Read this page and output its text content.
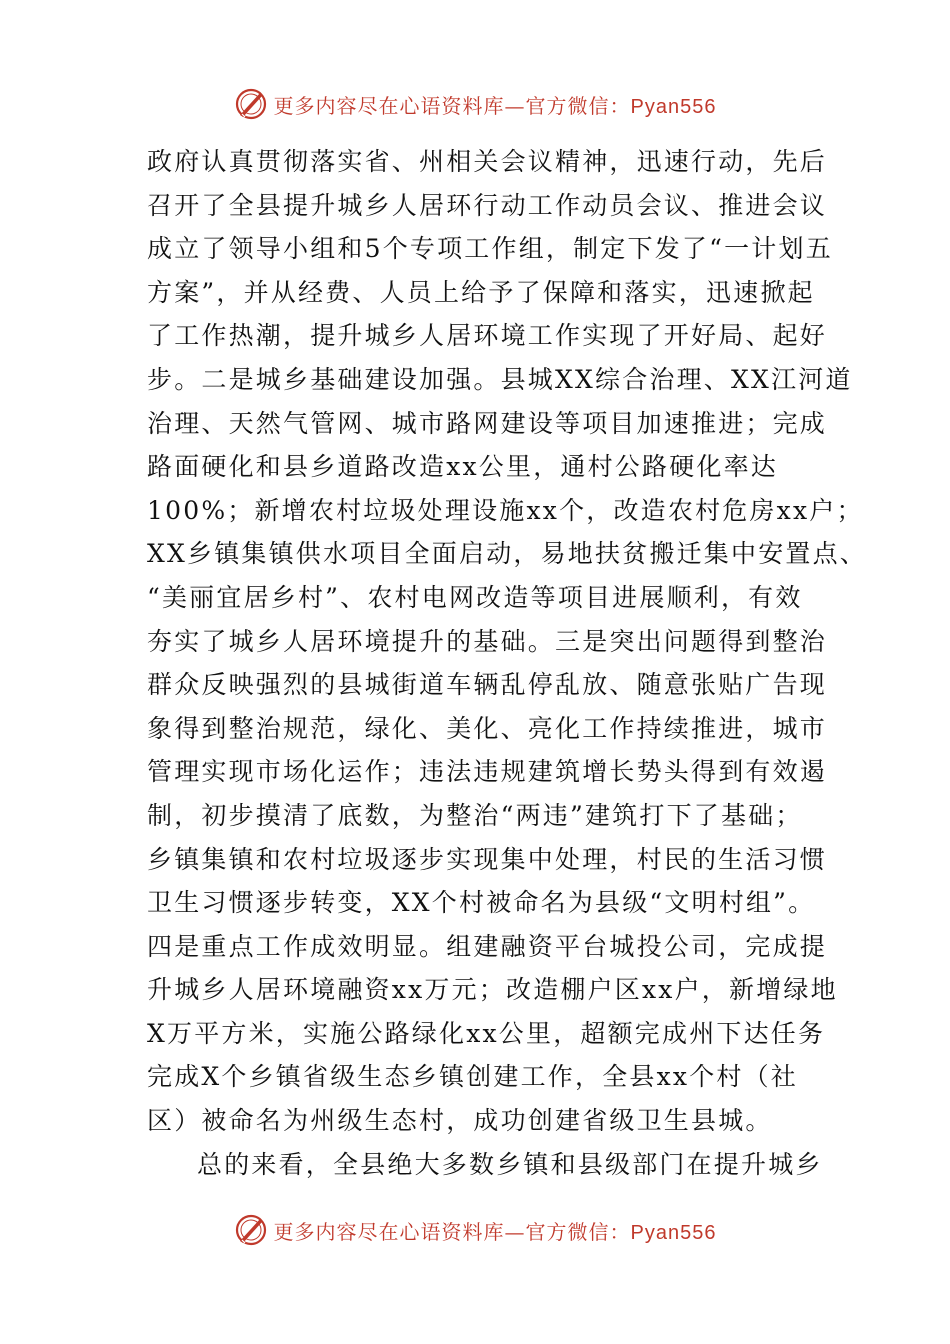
更多内容尽在心语资料库—官方微信：Pyan556
政府认真贯彻落实省、州相关会议精神，迅速行动，先后
召开了全县提升城乡人居环行动工作动员会议、推进会议
成立了领导小组和5个专项工作组，制定下发了“一计划五
方案”，并从经费、人员上给予了保障和落实，迅速掀起
了工作热潮，提升城乡人居环境工作实现了开好局、起好
步。二是城乡基础建设加强。县城XX综合治理、XX江河道
治理、天然气管网、城市路网建设等项目加速推进；完成
路面硬化和县乡道路改造xx公里，通村公路硬化率达
100%；新增农村垃圾处理设施xx个，改造农村危房xx户；
XX乡镇集镇供水项目全面启动，易地扶贫搬迁集中安置点、
“美丽宜居乡村”、农村电网改造等项目进展顺利，有效
夯实了城乡人居环境提升的基础。三是突出问题得到整治
群众反映强烈的县城街道车辆乱停乱放、随意张贴广告现
象得到整治规范，绿化、美化、亮化工作持续推进，城市
管理实现市场化运作；违法违规建筑增长势头得到有效遏
制，初步摸清了底数，为整治“两违”建筑打下了基础；
乡镇集镇和农村垃圾逐步实现集中处理，村民的生活习惯
卫生习惯逐步转变，XX个村被命名为县级“文明村组”。
四是重点工作成效明显。组建融资平台城投公司，完成提
升城乡人居环境融资xx万元；改造棚户区xx户，新增绿地
X万平方米，实施公路绿化xx公里，超额完成州下达任务
完成X个乡镇省级生态乡镇创建工作，全县xx个村（社
区）被命名为州级生态村，成功创建省级卫生县城。
总的来看，全县绝大多数乡镇和县级部门在提升城乡
更多内容尽在心语资料库—官方微信：Pyan556
